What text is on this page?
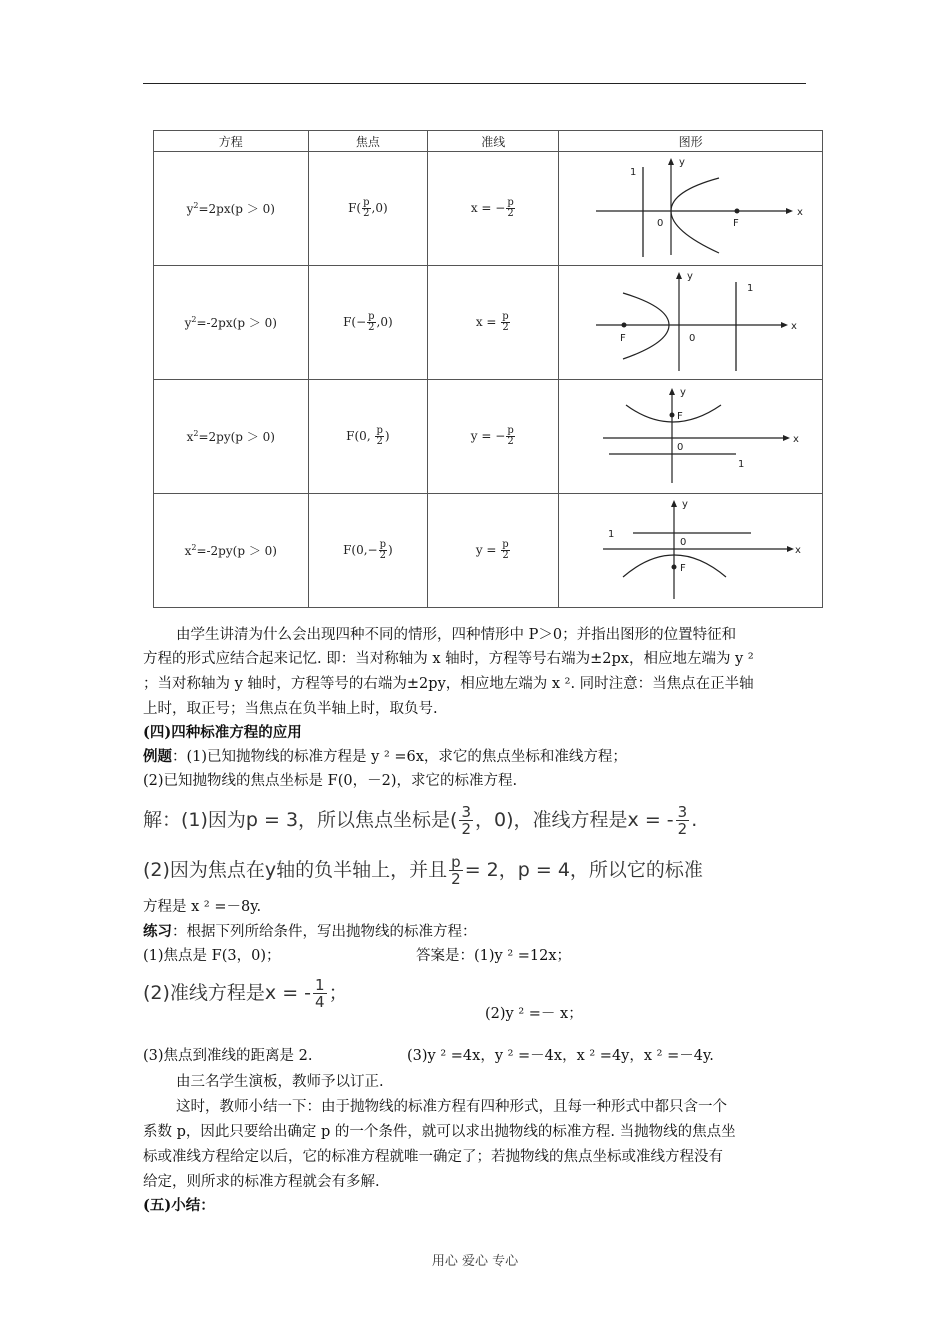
方程	焦点	准线	图形
$y^2=2px(p > 0)$	$F( \frac{p}{2} ,0)$	x = − $\frac{p}{2}$	1
y
0 F
x

$y^2=-2px(p > 0)$	$F(- \frac{p}{2} ,0)$	$x = \frac{p}{2}$	y
1
F 0
x

$x^2=2py(p > 0)$	F(0, $\frac{p}{2}$ )	y = − $\frac{p}{2}$	y
F
0
1
x

$x^2=-2py(p > 0)$	$F(0,- \frac{p}{2}$ )	$y = \frac{p}{2}$	y
1
0
F
x
由学生讲清为什么会出现四种不同的情形，四种情形中 P＞0；并指出图形的位置特征和
方程的形式应结合起来记忆. 即：当对称轴为 x 轴时，方程等号右端为±2px，相应地左端为 y ²
；当对称轴为 y 轴时，方程等号的右端为±2py，相应地左端为 x ². 同时注意：当焦点在正半轴
上时，取正号；当焦点在负半轴上时，取负号.
(四)四种标准方程的应用
例题：(1)已知抛物线的标准方程是 y ² =6x，求它的焦点坐标和准线方程；
(2)已知抛物线的焦点坐标是 F(0，－2)，求它的标准方程.
解：(1)因为p = 3，所以焦点坐标是( $\frac{3}{2}$ ，0)，准线方程是x = - $\frac{3}{2}$ .
(2)因为焦点在y轴的负半轴上，并且 $\frac{p}{2} = 2$，p = 4，所以它的标准
方程是 x ² =－8y.
练习：根据下列所给条件，写出抛物线的标准方程：
(1)焦点是 F(3，0)；	答案是：(1)y ² =12x；
(2)准线方程是x = - $\frac{1}{4}$ ；
(2)y ² =－ x；
(3)焦点到准线的距离是 2.	(3)y ² =4x，y ² =－4x，x ² =4y，x ² =－4y.
由三名学生演板，教师予以订正.
这时，教师小结一下：由于抛物线的标准方程有四种形式，且每一种形式中都只含一个
系数 p，因此只要给出确定 p 的一个条件，就可以求出抛物线的标准方程. 当抛物线的焦点坐
标或准线方程给定以后，它的标准方程就唯一确定了；若抛物线的焦点坐标或准线方程没有
给定，则所求的标准方程就会有多解.
(五)小结：
用心 爱心 专心
